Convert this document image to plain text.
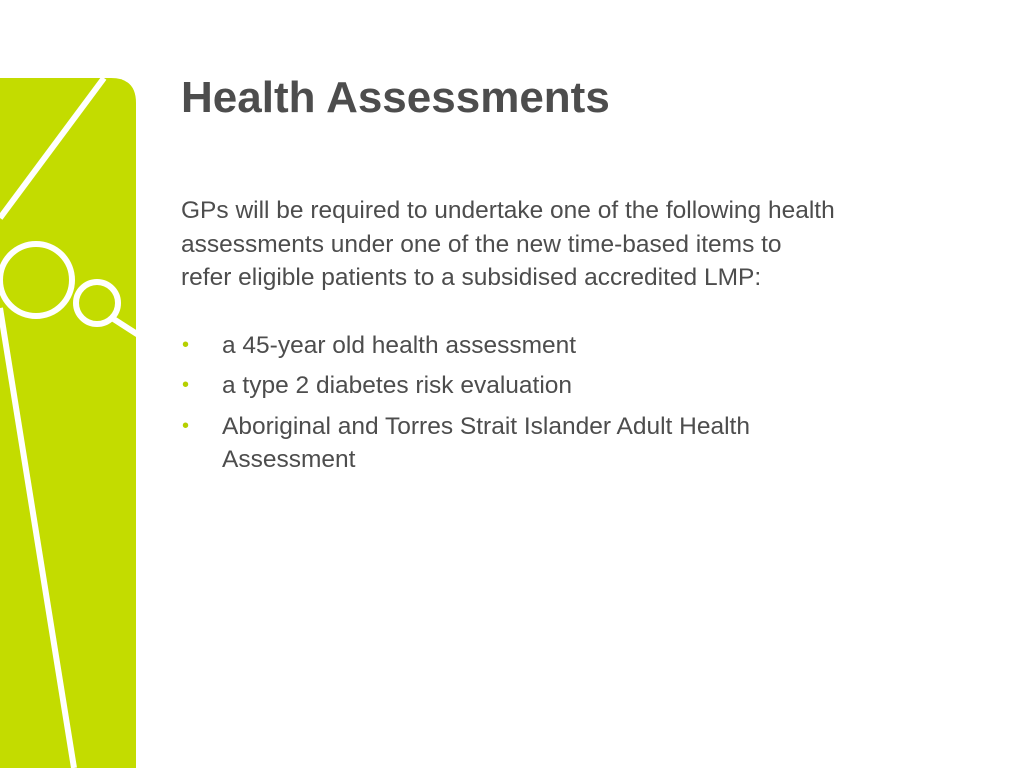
Health Assessments

GPs will be required to undertake one of the following health
assessments under one of the new time-based items to
refer eligible patients to a subsidised accredited LMP:

• a 45-year old health assessment
• a type 2 diabetes risk evaluation
• Aboriginal and Torres Strait Islander Adult Health
Assessment
